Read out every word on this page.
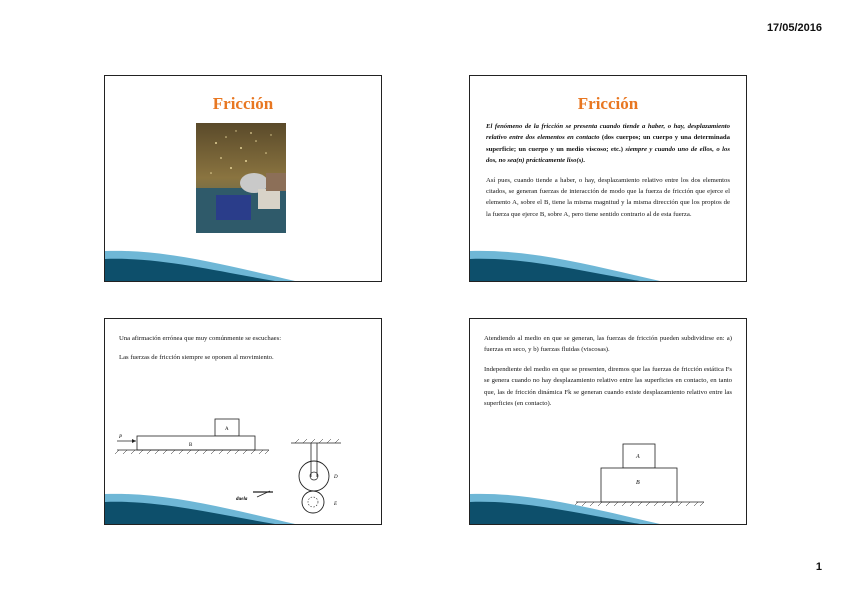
17/05/2016
Fricción	Fricción

El fenómeno de la fricción se presenta cuando tiende a haber, o hay, desplazamiento relativo entre dos elementos en contacto (dos cuerpos; un cuerpo y una determinada superficie; un cuerpo y un medio viscoso; etc.) siempre y cuando uno de ellos, o los dos, no sea(n) prácticamente liso(s).

Así pues, cuando tiende a haber, o hay, desplazamiento relativo entre los dos elementos citados, se generan fuerzas de interacción de modo que la fuerza de fricción que ejerce el elemento A, sobre el B, tiene la misma magnitud y la misma dirección que los propios de la fuerza que ejerce B, sobre A, pero tiene sentido contrario al de esta fuerza.

Una afirmación errónea que muy comúnmente se escuchaes:

Las fuerzas de fricción siempre se oponen al movimiento.

A
B
P
D
E
duela

Atendiendo al medio en que se generan, las fuerzas de fricción pueden subdividirse en: a) fuerzas en seco, y b) fuerzas fluidas (viscosas).

Independiente del medio en que se presenten, diremos que las fuerzas de fricción estática Fs se genera cuando no hay desplazamiento relativo entre las superficies en contacto, en tanto que, las de fricción dinámica Fk se generan cuando existe desplazamiento relativo entre las superficies (en contacto).

A
B
1
